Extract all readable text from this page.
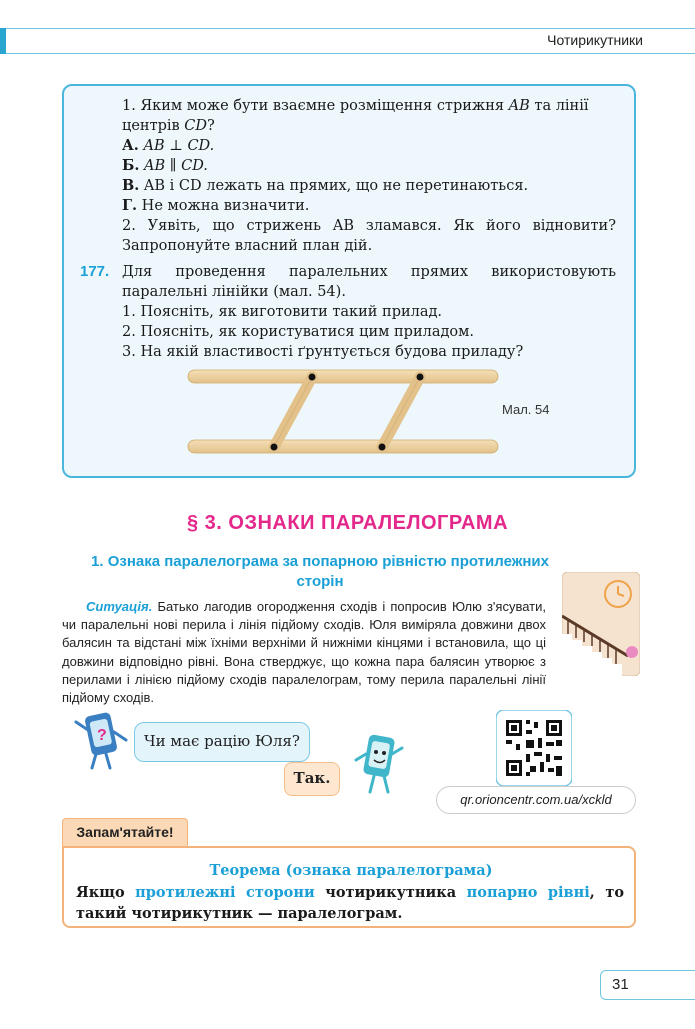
Чотирикутники
1. Яким може бути взаємне розміщення стрижня AB та лінії
центрів CD?
А. AB ⊥ CD.
Б. AB ∥ CD.
В. AB і CD лежать на прямих, що не перетинаються.
Г. Не можна визначити.
2. Уявіть, що стрижень AB зламався. Як його відновити? Запропонуйте власний план дій.
177. Для проведення паралельних прямих використовують паралельні лінійки (мал. 54).
1. Поясніть, як виготовити такий прилад.
2. Поясніть, як користуватися цим приладом.
3. На якій властивості ґрунтується будова приладу?
Мал. 54
§ 3. ОЗНАКИ ПАРАЛЕЛОГРАМА
1. Ознака паралелограма за попарною рівністю протилежних сторін
Ситуація. Батько лагодив огородження сходів і попросив Юлю з'ясувати, чи паралельні нові перила і лінія підйому сходів. Юля виміряла довжини двох балясин та відстані між їхніми верхніми й нижніми кінцями і встановила, що ці довжини відповідно рівні. Вона стверджує, що кожна пара балясин утворює з перилами і лінією підйому сходів паралелограм, тому перила паралельні лінії підйому сходів.
?	Чи має рацію Юля?
Так.
qr.orioncentr.com.ua/xckld
Запам'ятайте!
Теорема (ознака паралелограма)
Якщо протилежні сторони чотирикутника попарно рівні, то такий чотирикутник — паралелограм.
31
